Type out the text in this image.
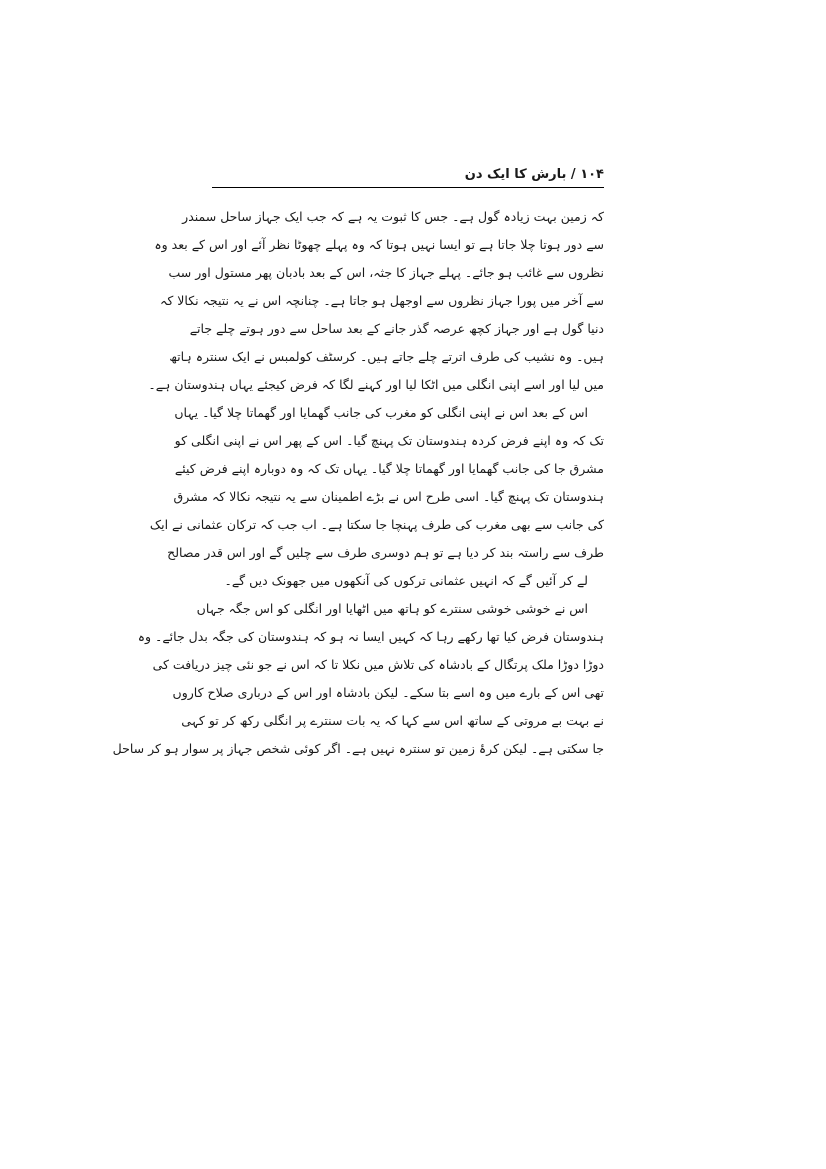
۱۰۴ / بارش کا ایک دن
کہ زمین بہت زیادہ گول ہے۔ جس کا ثبوت یہ ہے کہ جب ایک جہاز ساحل سمندر
سے دور ہوتا چلا جاتا ہے تو ایسا نہیں ہوتا کہ وہ پہلے چھوٹا نظر آئے اور اس کے بعد وہ
نظروں سے غائب ہو جائے۔ پہلے جہاز کا جثہ، اس کے بعد بادبان پھر مستول اور سب
سے آخر میں پورا جہاز نظروں سے اوجھل ہو جاتا ہے۔ چنانچہ اس نے یہ نتیجہ نکالا کہ
دنیا گول ہے اور جہاز کچھ عرصہ گذر جانے کے بعد ساحل سے دور ہوتے چلے جاتے
ہیں۔ وہ نشیب کی طرف اترتے چلے جاتے ہیں۔ کرسٹف کولمبس نے ایک سنترہ ہاتھ
میں لیا اور اسے اپنی انگلی میں اٹکا لیا اور کہنے لگا کہ فرض کیجئے یہاں ہندوستان ہے۔
اس کے بعد اس نے اپنی انگلی کو مغرب کی جانب گھمایا اور گھماتا چلا گیا۔ یہاں
تک کہ وہ اپنے فرض کردہ ہندوستان تک پہنچ گیا۔ اس کے پھر اس نے اپنی انگلی کو
مشرق جا کی جانب گھمایا اور گھماتا چلا گیا۔ یہاں تک کہ وہ دوبارہ اپنے فرض کیئے
ہندوستان تک پہنچ گیا۔ اسی طرح اس نے بڑے اطمینان سے یہ نتیجہ نکالا کہ مشرق
کی جانب سے بھی مغرب کی طرف پہنچا جا سکتا ہے۔ اب جب کہ ترکان عثمانی نے ایک
طرف سے راستہ بند کر دیا ہے تو ہم دوسری طرف سے چلیں گے اور اس قدر مصالح
لے کر آئیں گے کہ انہیں عثمانی ترکوں کی آنکھوں میں جھونک دیں گے۔
اس نے خوشی خوشی سنترے کو ہاتھ میں اٹھایا اور انگلی کو اس جگہ جہاں
ہندوستان فرض کیا تھا رکھے رہا کہ کہیں ایسا نہ ہو کہ ہندوستان کی جگہ بدل جائے۔ وہ
دوڑا دوڑا ملک پرتگال کے بادشاہ کی تلاش میں نکلا تا کہ اس نے جو نئی چیز دریافت کی
تھی اس کے بارے میں وہ اسے بتا سکے۔ لیکن بادشاہ اور اس کے درباری صلاح کاروں
نے بہت بے مروتی کے ساتھ اس سے کہا کہ یہ بات سنترے پر انگلی رکھ کر تو کہی
جا سکتی ہے۔ لیکن کرۂ زمین تو سنترہ نہیں ہے۔ اگر کوئی شخص جہاز پر سوار ہو کر ساحل
